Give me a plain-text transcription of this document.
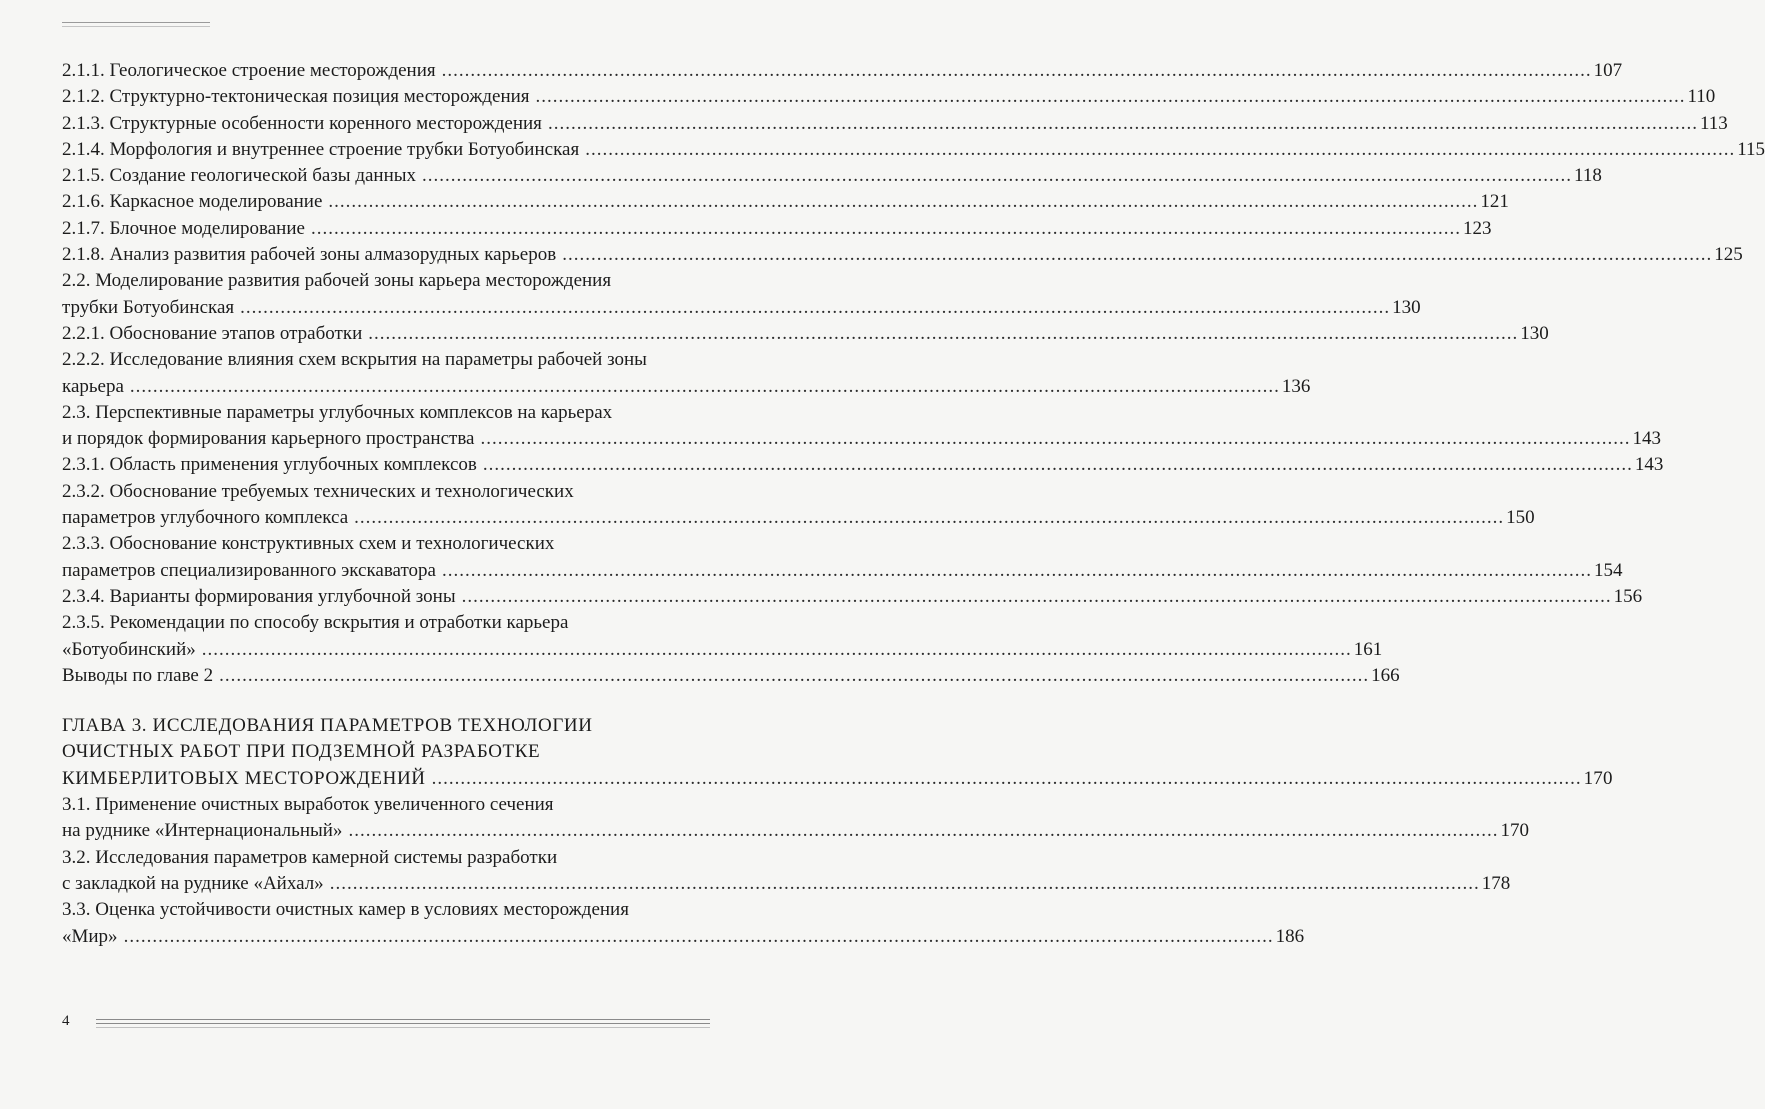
2.1.1. Геологическое строение месторождения ........................................................................................................................................................................................................ 107
2.1.2. Структурно-тектоническая позиция месторождения ........................................................................................................................................................................................................ 110
2.1.3. Структурные особенности коренного месторождения ........................................................................................................................................................................................................ 113
2.1.4. Морфология и внутреннее строение трубки Ботуобинская ........................................................................................................................................................................................................ 115
2.1.5. Создание геологической базы данных ........................................................................................................................................................................................................ 118
2.1.6. Каркасное моделирование ........................................................................................................................................................................................................ 121
2.1.7. Блочное моделирование ........................................................................................................................................................................................................ 123
2.1.8. Анализ развития рабочей зоны алмазорудных карьеров ........................................................................................................................................................................................................ 125
2.2. Моделирование развития рабочей зоны карьера месторождения
трубки Ботуобинская ........................................................................................................................................................................................................ 130
2.2.1. Обоснование этапов отработки ........................................................................................................................................................................................................ 130
2.2.2. Исследование влияния схем вскрытия на параметры рабочей зоны
карьера ........................................................................................................................................................................................................ 136
2.3. Перспективные параметры углубочных комплексов на карьерах
и порядок формирования карьерного пространства ........................................................................................................................................................................................................ 143
2.3.1. Область применения углубочных комплексов ........................................................................................................................................................................................................ 143
2.3.2. Обоснование требуемых технических и технологических
параметров углубочного комплекса ........................................................................................................................................................................................................ 150
2.3.3. Обоснование конструктивных схем и технологических
параметров специализированного экскаватора ........................................................................................................................................................................................................ 154
2.3.4. Варианты формирования углубочной зоны ........................................................................................................................................................................................................ 156
2.3.5. Рекомендации по способу вскрытия и отработки карьера
«Ботуобинский» ........................................................................................................................................................................................................ 161
Выводы по главе 2 ........................................................................................................................................................................................................ 166
ГЛАВА 3. ИССЛЕДОВАНИЯ ПАРАМЕТРОВ ТЕХНОЛОГИИ
ОЧИСТНЫХ РАБОТ ПРИ ПОДЗЕМНОЙ РАЗРАБОТКЕ
КИМБЕРЛИТОВЫХ МЕСТОРОЖДЕНИЙ ........................................................................................................................................................................................................ 170
3.1. Применение очистных выработок увеличенного сечения
на руднике «Интернациональный» ........................................................................................................................................................................................................ 170
3.2. Исследования параметров камерной системы разработки
с закладкой на руднике «Айхал» ........................................................................................................................................................................................................ 178
3.3. Оценка устойчивости очистных камер в условиях месторождения
«Мир» ........................................................................................................................................................................................................ 186
4
